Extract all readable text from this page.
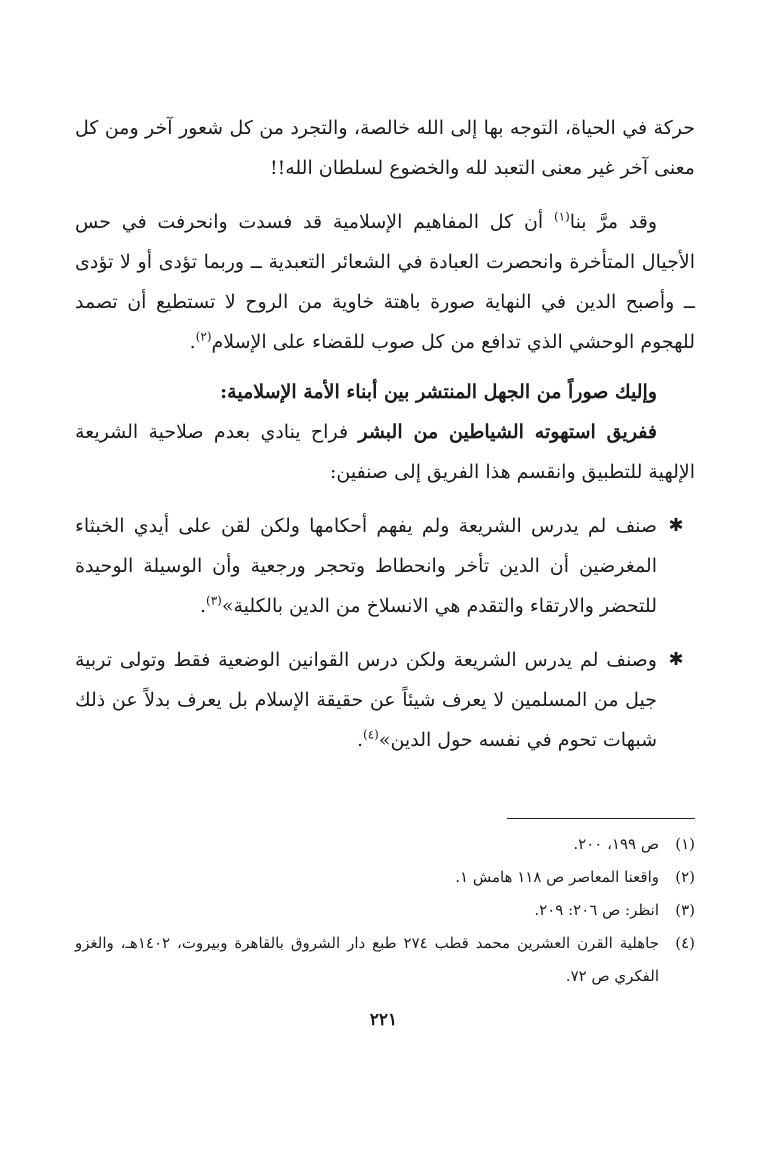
حركة في الحياة، التوجه بها إلى الله خالصة، والتجرد من كل شعور آخر ومن كل معنى آخر غير معنى التعبد لله والخضوع لسلطان الله!!

وقد مرَّ بنا$^{(١)}$ أن كل المفاهيم الإسلامية قد فسدت وانحرفت في حس الأجيال المتأخرة وانحصرت العبادة في الشعائر التعبدية ــ وربما تؤدى أو لا تؤدى ــ وأصبح الدين في النهاية صورة باهتة خاوية من الروح لا تستطيع أن تصمد للهجوم الوحشي الذي تدافع من كل صوب للقضاء على الإسلام$^{(٢)}$.

وإليك صوراً من الجهل المنتشر بين أبناء الأمة الإسلامية:

ففريق استهوته الشياطين من البشر فراح ينادي بعدم صلاحية الشريعة الإلهية للتطبيق وانقسم هذا الفريق إلى صنفين:

✱
صنف لم يدرس الشريعة ولم يفهم أحكامها ولكن لقن على أيدي الخبثاء المغرضين أن الدين تأخر وانحطاط وتحجر ورجعية وأن الوسيلة الوحيدة للتحضر والارتقاء والتقدم هي الانسلاخ من الدين بالكلية»$^{(٣)}$.
✱
وصنف لم يدرس الشريعة ولكن درس القوانين الوضعية فقط وتولى تربية جيل من المسلمين لا يعرف شيئاً عن حقيقة الإسلام بل يعرف بدلاً عن ذلك شبهات تحوم في نفسه حول الدين»$^{(٤)}$.
(١)
ص ١٩٩، ٢٠٠.
(٢)
واقعنا المعاصر ص ١١٨ هامش ١.
(٣)
انظر: ص ٢٠٦: ٢٠٩.
(٤)
جاهلية القرن العشرين محمد قطب ٢٧٤ طبع دار الشروق بالقاهرة وبيروت، ١٤٠٢هـ، والغزو الفكري ص ٧٢.
٢٢١
